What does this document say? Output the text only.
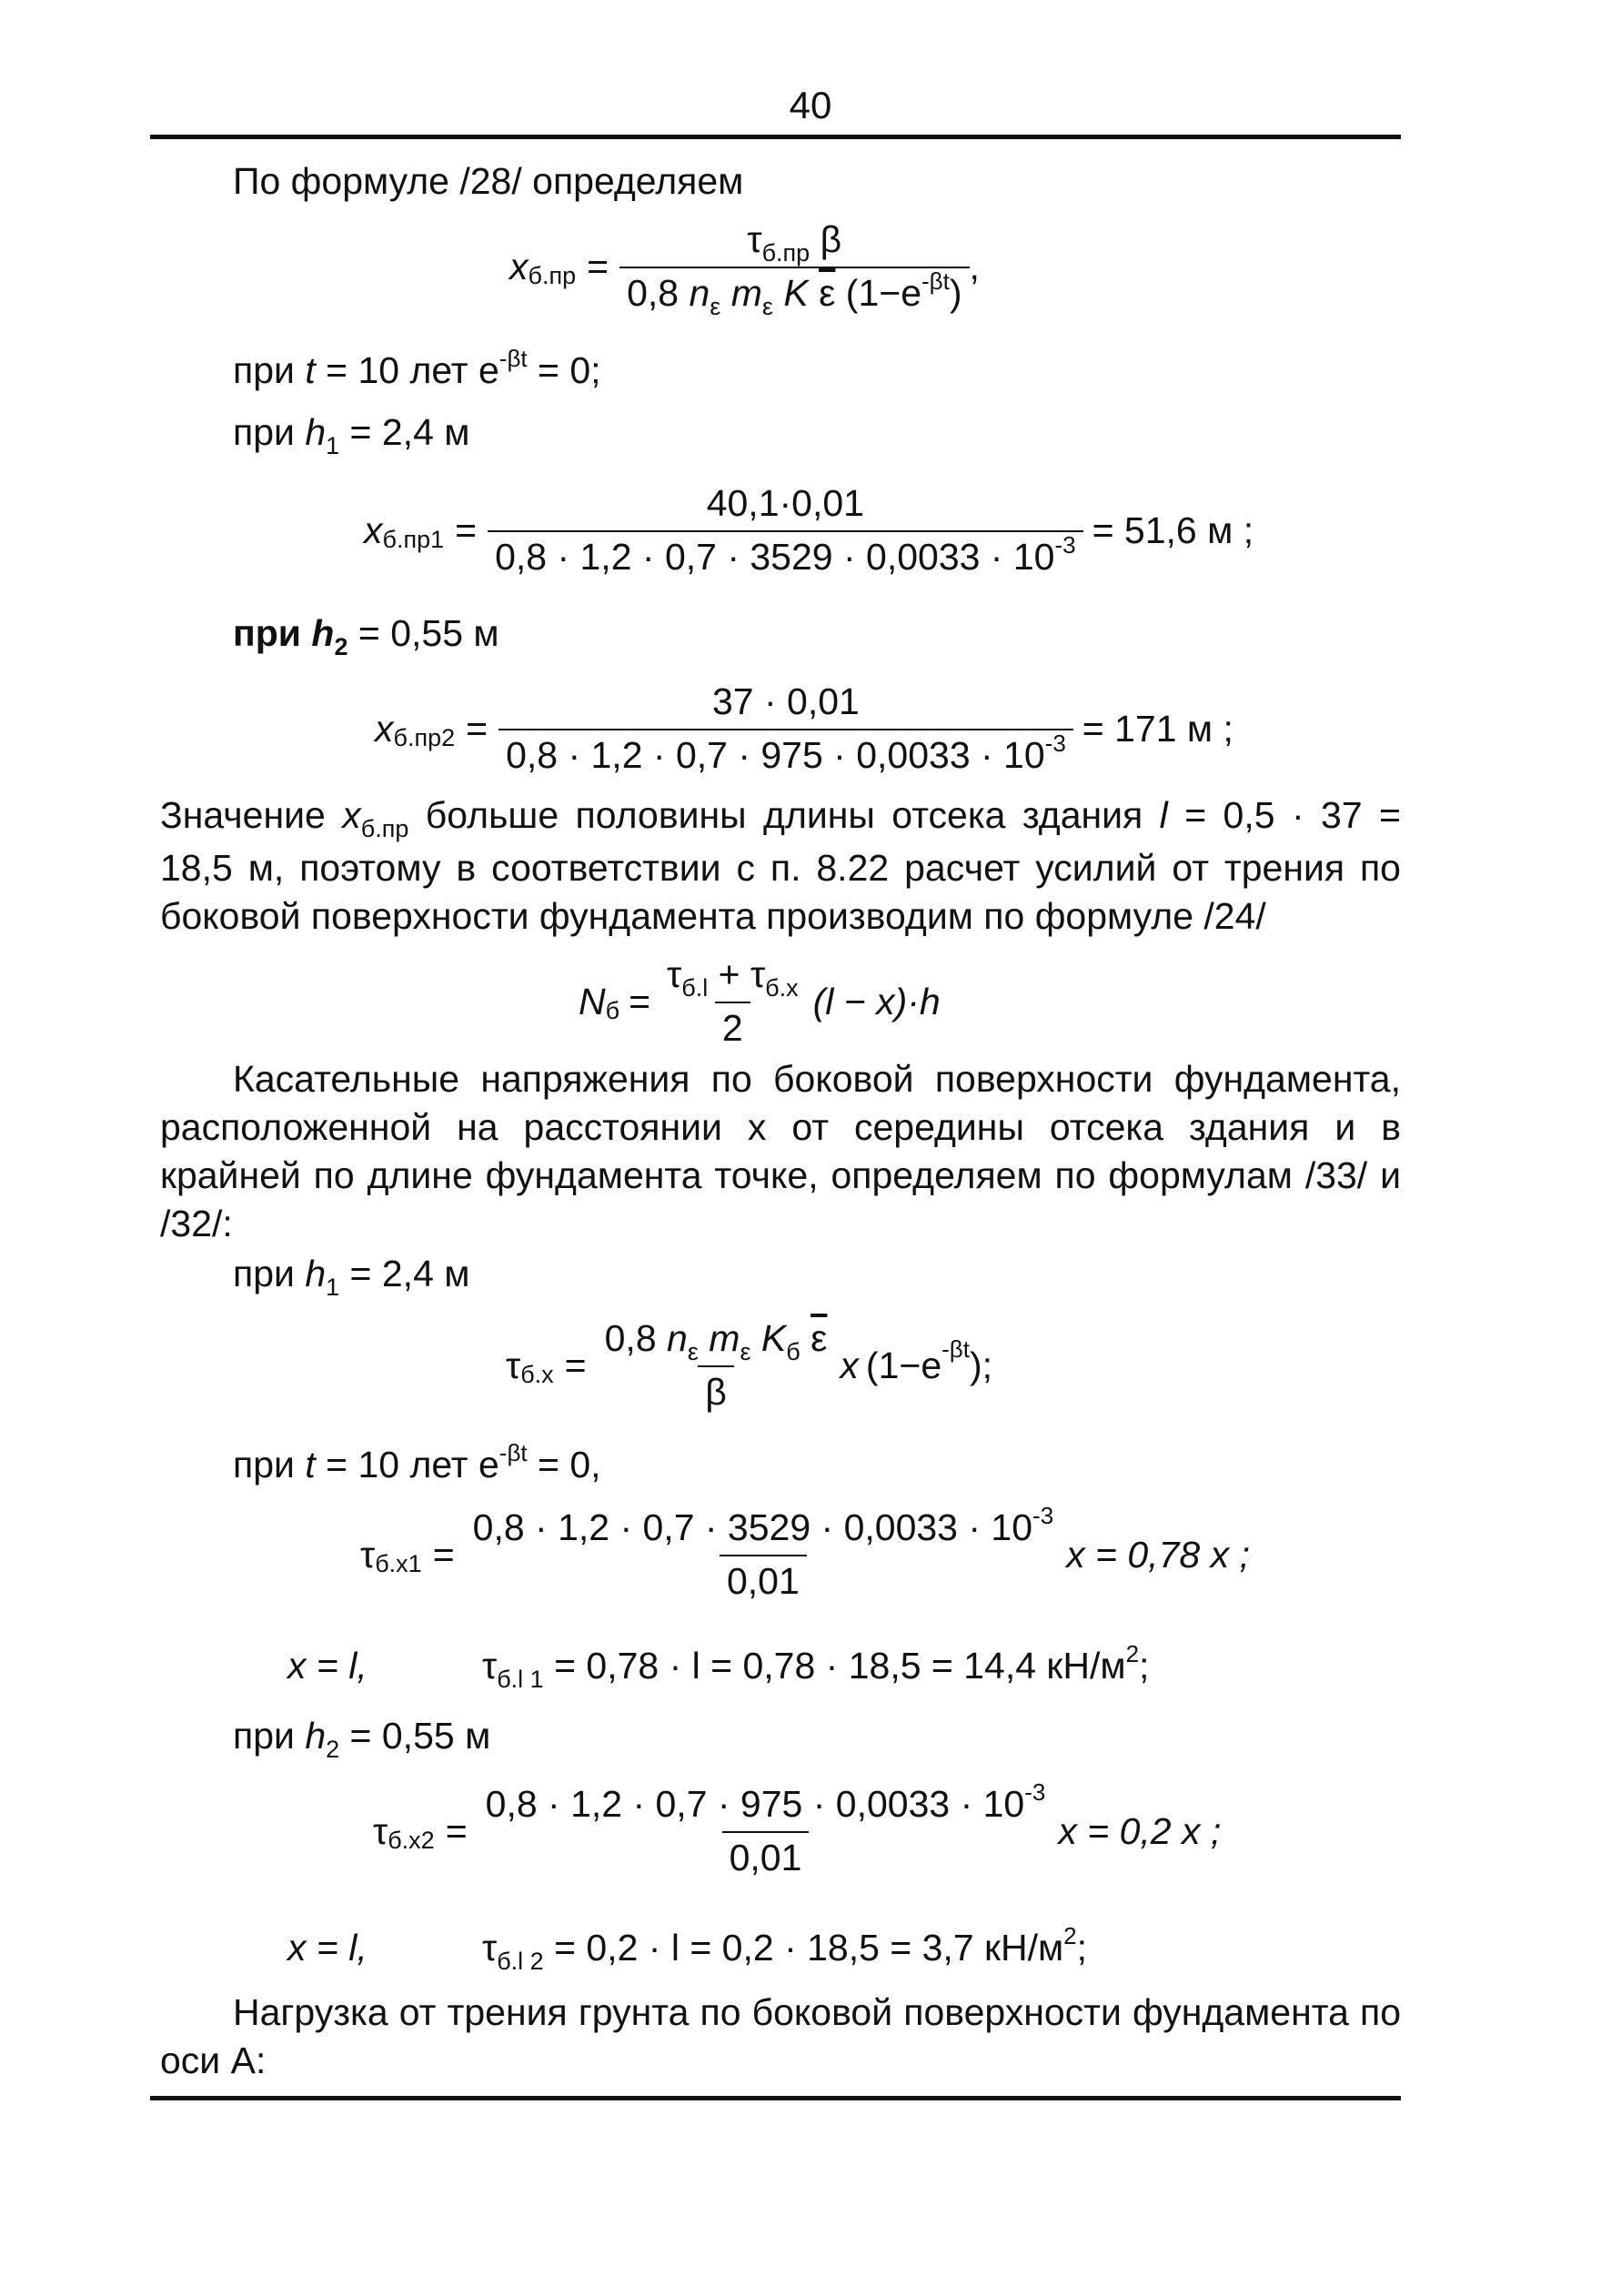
40
По формуле /28/ определяем
x $б.пр = \frac{\tau_{б.пр} \beta}{0,8 n_\varepsilon m_\varepsilon K \overline{\varepsilon} (1-e^{-\beta t})}$ ,
при t = 10 лет $e^{-\beta t} = 0$;
при $h_1 = 2,4$ м
x $б.пр1 = \frac{40,1\cdot 0,01}{0,8 \cdot 1,2 \cdot 0,7 \cdot 3529 \cdot 0,0033 \cdot 10^{-3}} = 51,6$ м ;
при $h_2 = 0,55$ м
x $б.пр2 = \frac{37 \cdot 0,01}{0,8 \cdot 1,2 \cdot 0,7 \cdot 975 \cdot 0,0033 \cdot 10^{-3}} = 171$ м ;
Значение $x_{б.пр}$ больше половины длины отсека здания l = 0,5 · 37 = 18,5 м, поэтому в соответствии с п. 8.22 расчет усилий от трения по боковой поверхности фундамента производим по формуле /24/
N $б = \frac{\tau_{б.l} + \tau_{б.x}}{2} (l - x)\cdot h$
Касательные напряжения по боковой поверхности фундамента, расположенной на расстоянии x от середины отсека здания и в крайней по длине фундамента точке, определяем по формулам /33/ и /32/:
при $h_1 = 2,4$ м
τ $б.x = \frac{0,8 n_\varepsilon m_\varepsilon K_б \overline{\varepsilon}}{\beta}$ x (1−e -βt );
при t = 10 лет $e^{-\beta t} = 0$,
τ $б.x1 = \frac{0,8 \cdot 1,2 \cdot 0,7 \cdot 3529 \cdot 0,0033 \cdot 10^{-3}}{0,01}$ x = 0,78 x ;
x = l,	$\tau_{б.l 1} = 0,78 \cdot l = 0,78 \cdot 18,5 = 14,4$ $кН/м^2$;
при $h_2 = 0,55$ м
τ $б.x2 = \frac{0,8 \cdot 1,2 \cdot 0,7 \cdot 975 \cdot 0,0033 \cdot 10^{-3}}{0,01}$ x = 0,2 x ;
x = l,	$\tau_{б.l 2} = 0,2 \cdot l = 0,2 \cdot 18,5 = 3,7$ $кН/м^2$;
Нагрузка от трения грунта по боковой поверхности фундамента по оси А:
